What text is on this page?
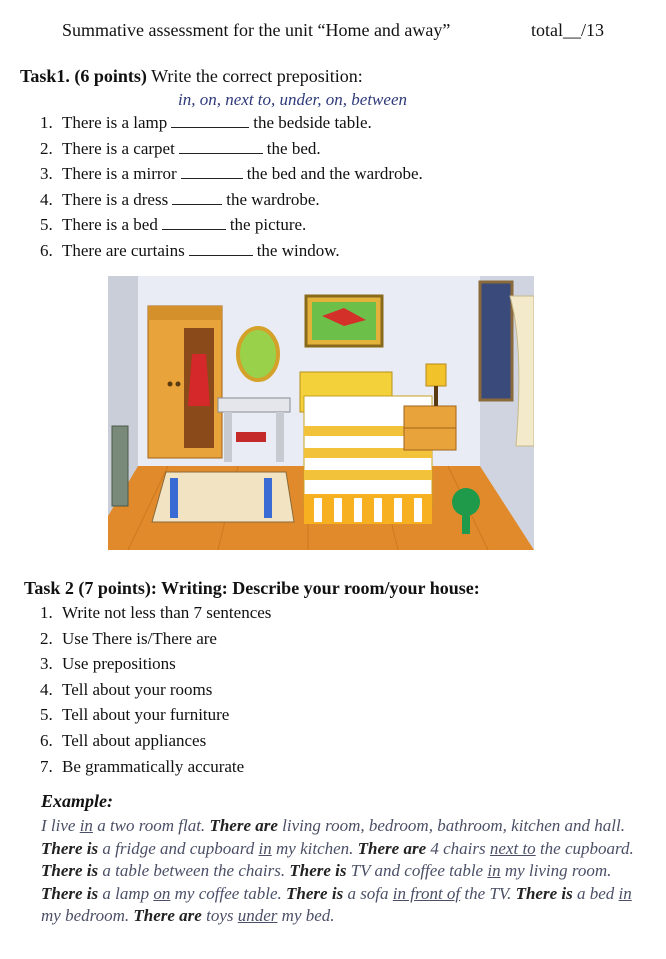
Summative assessment for the unit “Home and away”	total__/13
Task1. (6 points) Write the correct preposition:
in, on, next to, under, on, between
1. There is a lamp	the bedside table.
2. There is a carpet	the bed.
3. There is a mirror	the bed and the wardrobe.
4. There is a dress	the wardrobe.
5. There is a bed	the picture.
6. There are curtains	the window.
Task 2 (7 points): Writing: Describe your room/your house:
1. Write not less than 7 sentences
2. Use There is/There are
3. Use prepositions
4. Tell about your rooms
5. Tell about your furniture
6. Tell about appliances
7. Be grammatically accurate
Example:
I live in a two room flat. There are living room, bedroom, bathroom, kitchen and hall. There is a fridge and cupboard in my kitchen. There are 4 chairs next to the cupboard. There is a table between the chairs. There is TV and coffee table in my living room. There is a lamp on my coffee table. There is a sofa in front of the TV. There is a bed in my bedroom. There are toys under my bed.
